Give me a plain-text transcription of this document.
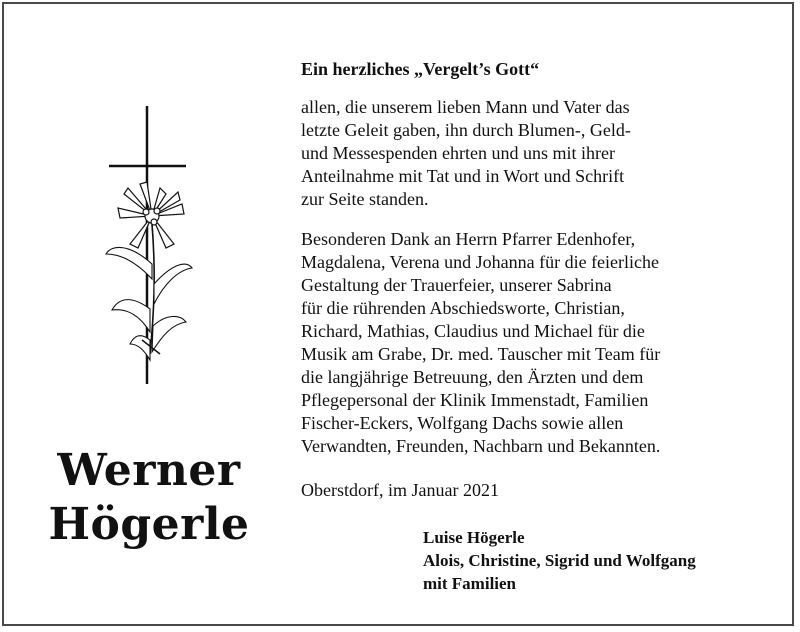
Werner
Högerle
Ein herzliches „Vergelt’s Gott“
allen, die unserem lieben Mann und Vater das
letzte Geleit gaben, ihn durch Blumen-, Geld-
und Messespenden ehrten und uns mit ihrer
Anteilnahme mit Tat und in Wort und Schrift
zur Seite standen.
Besonderen Dank an Herrn Pfarrer Edenhofer,
Magdalena, Verena und Johanna für die feierliche
Gestaltung der Trauerfeier, unserer Sabrina
für die rührenden Abschiedsworte, Christian,
Richard, Mathias, Claudius und Michael für die
Musik am Grabe, Dr. med. Tauscher mit Team für
die langjährige Betreuung, den Ärzten und dem
Pflegepersonal der Klinik Immenstadt, Familien
Fischer-Eckers, Wolfgang Dachs sowie allen
Verwandten, Freunden, Nachbarn und Bekannten.
Oberstdorf, im Januar 2021
Luise Högerle
Alois, Christine, Sigrid und Wolfgang
mit Familien
